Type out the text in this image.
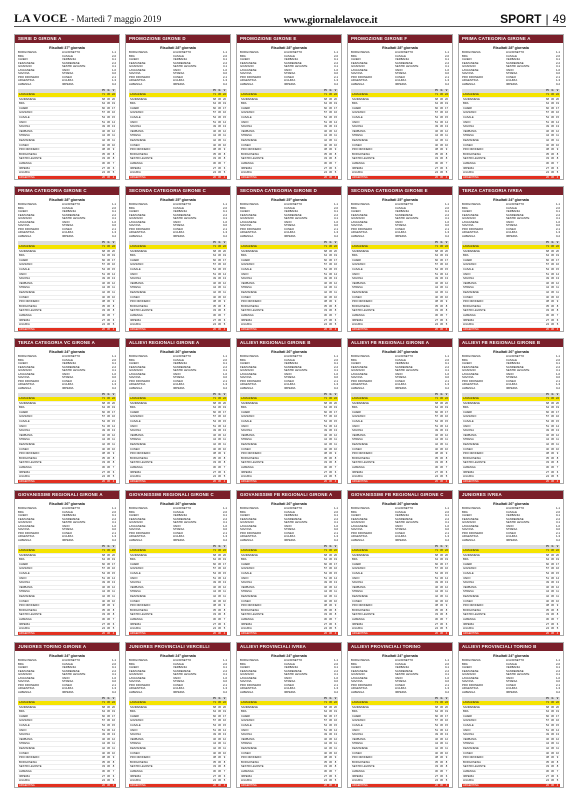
LA VOCE - Martedì 7 maggio 2019	www.giornalelavoce.it	SPORT | 49
SERIE D GIRONE A
Risultati 37ª giornata
BORGOSESIA	LIGORNETTO	1-1
BRA	CASALE	2-0
CHIERI	VERBANIA	0-1
FEZZANESE	SANREMESE	2-2
GOZZANO	SESTRI LEVANTE	3-1
LAVAGNESE	VADO	1-0
SAVONA	STRESA	0-0
PRO DRONERO	CUNEO	2-1
ARGENTINA	LIGURIA	1-3
ALBENGA	IMPERIA	0-2
Pt	G	V
LAVAGNESE	71 36 22
SANREMESE	68 36 20
BRA	64 36 19
CHIERI	60 36 17
GOZZANO	57 36 16
CASALE	54 36 15
VADO	51 36 14
SAVONA	49 36 13
VERBANIA	46 36 12
STRESA	44 36 11
FEZZANESE	42 36 11
CUNEO	40 36 10
PRO DRONERO	38 36	9
BORGOSESIA	35 36	8
SESTRI LEVANTE	33 36	8
ALBENGA	30 36	7
IMPERIA	27 36	6
LIGURIA	24 36	5
ARGENTINA	20 36	4
PROMOZIONE GIRONE D
Risultati 28ª giornata
BORGOSESIA	LIGORNETTO	1-1
BRA	CASALE	2-0
CHIERI	VERBANIA	0-1
FEZZANESE	SANREMESE	2-2
GOZZANO	SESTRI LEVANTE	3-1
LAVAGNESE	VADO	1-0
SAVONA	STRESA	0-0
PRO DRONERO	CUNEO	2-1
ARGENTINA	LIGURIA	1-3
ALBENGA	IMPERIA	0-2
Pt	G	V
LAVAGNESE	71 36 22
SANREMESE	68 36 20
BRA	64 36 19
CHIERI	60 36 17
GOZZANO	57 36 16
CASALE	54 36 15
VADO	51 36 14
SAVONA	49 36 13
VERBANIA	46 36 12
STRESA	44 36 11
FEZZANESE	42 36 11
CUNEO	40 36 10
PRO DRONERO	38 36	9
BORGOSESIA	35 36	8
SESTRI LEVANTE	33 36	8
ALBENGA	30 36	7
IMPERIA	27 36	6
LIGURIA	24 36	5
ARGENTINA	20 36	4
PROMOZIONE GIRONE E
Risultati 28ª giornata
BORGOSESIA	LIGORNETTO	1-1
BRA	CASALE	2-0
CHIERI	VERBANIA	0-1
FEZZANESE	SANREMESE	2-2
GOZZANO	SESTRI LEVANTE	3-1
LAVAGNESE	VADO	1-0
SAVONA	STRESA	0-0
PRO DRONERO	CUNEO	2-1
ARGENTINA	LIGURIA	1-3
ALBENGA	IMPERIA	0-2
Pt	G	V
LAVAGNESE	71 36 22
SANREMESE	68 36 20
BRA	64 36 19
CHIERI	60 36 17
GOZZANO	57 36 16
CASALE	54 36 15
VADO	51 36 14
SAVONA	49 36 13
VERBANIA	46 36 12
STRESA	44 36 11
FEZZANESE	42 36 11
CUNEO	40 36 10
PRO DRONERO	38 36	9
BORGOSESIA	35 36	8
SESTRI LEVANTE	33 36	8
ALBENGA	30 36	7
IMPERIA	27 36	6
LIGURIA	24 36	5
ARGENTINA	20 36	4
PROMOZIONE GIRONE F
Risultati 28ª giornata
BORGOSESIA	LIGORNETTO	1-1
BRA	CASALE	2-0
CHIERI	VERBANIA	0-1
FEZZANESE	SANREMESE	2-2
GOZZANO	SESTRI LEVANTE	3-1
LAVAGNESE	VADO	1-0
SAVONA	STRESA	0-0
PRO DRONERO	CUNEO	2-1
ARGENTINA	LIGURIA	1-3
ALBENGA	IMPERIA	0-2
Pt	G	V
LAVAGNESE	71 36 22
SANREMESE	68 36 20
BRA	64 36 19
CHIERI	60 36 17
GOZZANO	57 36 16
CASALE	54 36 15
VADO	51 36 14
SAVONA	49 36 13
VERBANIA	46 36 12
STRESA	44 36 11
FEZZANESE	42 36 11
CUNEO	40 36 10
PRO DRONERO	38 36	9
BORGOSESIA	35 36	8
SESTRI LEVANTE	33 36	8
ALBENGA	30 36	7
IMPERIA	27 36	6
LIGURIA	24 36	5
ARGENTINA	20 36	4
PRIMA CATEGORIA GIRONE A
Risultati 28ª giornata
BORGOSESIA	LIGORNETTO	1-1
BRA	CASALE	2-0
CHIERI	VERBANIA	0-1
FEZZANESE	SANREMESE	2-2
GOZZANO	SESTRI LEVANTE	3-1
LAVAGNESE	VADO	1-0
SAVONA	STRESA	0-0
PRO DRONERO	CUNEO	2-1
ARGENTINA	LIGURIA	1-3
ALBENGA	IMPERIA	0-2
Pt	G	V
LAVAGNESE	71 36 22
SANREMESE	68 36 20
BRA	64 36 19
CHIERI	60 36 17
GOZZANO	57 36 16
CASALE	54 36 15
VADO	51 36 14
SAVONA	49 36 13
VERBANIA	46 36 12
STRESA	44 36 11
FEZZANESE	42 36 11
CUNEO	40 36 10
PRO DRONERO	38 36	9
BORGOSESIA	35 36	8
SESTRI LEVANTE	33 36	8
ALBENGA	30 36	7
IMPERIA	27 36	6
LIGURIA	24 36	5
ARGENTINA	20 36	4
PRIMA CATEGORIA GIRONE C
Risultati 28ª giornata
BORGOSESIA	LIGORNETTO	1-1
BRA	CASALE	2-0
CHIERI	VERBANIA	0-1
FEZZANESE	SANREMESE	2-2
GOZZANO	SESTRI LEVANTE	3-1
LAVAGNESE	VADO	1-0
SAVONA	STRESA	0-0
PRO DRONERO	CUNEO	2-1
ARGENTINA	LIGURIA	1-3
ALBENGA	IMPERIA	0-2
Pt	G	V
LAVAGNESE	71 36 22
SANREMESE	68 36 20
BRA	64 36 19
CHIERI	60 36 17
GOZZANO	57 36 16
CASALE	54 36 15
VADO	51 36 14
SAVONA	49 36 13
VERBANIA	46 36 12
STRESA	44 36 11
FEZZANESE	42 36 11
CUNEO	40 36 10
PRO DRONERO	38 36	9
BORGOSESIA	35 36	8
SESTRI LEVANTE	33 36	8
ALBENGA	30 36	7
IMPERIA	27 36	6
LIGURIA	24 36	5
ARGENTINA	20 36	4
SECONDA CATEGORIA GIRONE C
Risultati 25ª giornata
BORGOSESIA	LIGORNETTO	1-1
BRA	CASALE	2-0
CHIERI	VERBANIA	0-1
FEZZANESE	SANREMESE	2-2
GOZZANO	SESTRI LEVANTE	3-1
LAVAGNESE	VADO	1-0
SAVONA	STRESA	0-0
PRO DRONERO	CUNEO	2-1
ARGENTINA	LIGURIA	1-3
ALBENGA	IMPERIA	0-2
Pt	G	V
LAVAGNESE	71 36 22
SANREMESE	68 36 20
BRA	64 36 19
CHIERI	60 36 17
GOZZANO	57 36 16
CASALE	54 36 15
VADO	51 36 14
SAVONA	49 36 13
VERBANIA	46 36 12
STRESA	44 36 11
FEZZANESE	42 36 11
CUNEO	40 36 10
PRO DRONERO	38 36	9
BORGOSESIA	35 36	8
SESTRI LEVANTE	33 36	8
ALBENGA	30 36	7
IMPERIA	27 36	6
LIGURIA	24 36	5
ARGENTINA	20 36	4
SECONDA CATEGORIA GIRONE D
Risultati 25ª giornata
BORGOSESIA	LIGORNETTO	1-1
BRA	CASALE	2-0
CHIERI	VERBANIA	0-1
FEZZANESE	SANREMESE	2-2
GOZZANO	SESTRI LEVANTE	3-1
LAVAGNESE	VADO	1-0
SAVONA	STRESA	0-0
PRO DRONERO	CUNEO	2-1
ARGENTINA	LIGURIA	1-3
ALBENGA	IMPERIA	0-2
Pt	G	V
LAVAGNESE	71 36 22
SANREMESE	68 36 20
BRA	64 36 19
CHIERI	60 36 17
GOZZANO	57 36 16
CASALE	54 36 15
VADO	51 36 14
SAVONA	49 36 13
VERBANIA	46 36 12
STRESA	44 36 11
FEZZANESE	42 36 11
CUNEO	40 36 10
PRO DRONERO	38 36	9
BORGOSESIA	35 36	8
SESTRI LEVANTE	33 36	8
ALBENGA	30 36	7
IMPERIA	27 36	6
LIGURIA	24 36	5
ARGENTINA	20 36	4
SECONDA CATEGORIA GIRONE E
Risultati 25ª giornata
BORGOSESIA	LIGORNETTO	1-1
BRA	CASALE	2-0
CHIERI	VERBANIA	0-1
FEZZANESE	SANREMESE	2-2
GOZZANO	SESTRI LEVANTE	3-1
LAVAGNESE	VADO	1-0
SAVONA	STRESA	0-0
PRO DRONERO	CUNEO	2-1
ARGENTINA	LIGURIA	1-3
ALBENGA	IMPERIA	0-2
Pt	G	V
LAVAGNESE	71 36 22
SANREMESE	68 36 20
BRA	64 36 19
CHIERI	60 36 17
GOZZANO	57 36 16
CASALE	54 36 15
VADO	51 36 14
SAVONA	49 36 13
VERBANIA	46 36 12
STRESA	44 36 11
FEZZANESE	42 36 11
CUNEO	40 36 10
PRO DRONERO	38 36	9
BORGOSESIA	35 36	8
SESTRI LEVANTE	33 36	8
ALBENGA	30 36	7
IMPERIA	27 36	6
LIGURIA	24 36	5
ARGENTINA	20 36	4
TERZA CATEGORIA IVREA
Risultati 24ª giornata
BORGOSESIA	LIGORNETTO	1-1
BRA	CASALE	2-0
CHIERI	VERBANIA	0-1
FEZZANESE	SANREMESE	2-2
GOZZANO	SESTRI LEVANTE	3-1
LAVAGNESE	VADO	1-0
SAVONA	STRESA	0-0
PRO DRONERO	CUNEO	2-1
ARGENTINA	LIGURIA	1-3
ALBENGA	IMPERIA	0-2
Pt	G	V
LAVAGNESE	71 36 22
SANREMESE	68 36 20
BRA	64 36 19
CHIERI	60 36 17
GOZZANO	57 36 16
CASALE	54 36 15
VADO	51 36 14
SAVONA	49 36 13
VERBANIA	46 36 12
STRESA	44 36 11
FEZZANESE	42 36 11
CUNEO	40 36 10
PRO DRONERO	38 36	9
BORGOSESIA	35 36	8
SESTRI LEVANTE	33 36	8
ALBENGA	30 36	7
IMPERIA	27 36	6
LIGURIA	24 36	5
ARGENTINA	20 36	4
TERZA CATEGORIA VC GIRONE A
Risultati 24ª giornata
BORGOSESIA	LIGORNETTO	1-1
BRA	CASALE	2-0
CHIERI	VERBANIA	0-1
FEZZANESE	SANREMESE	2-2
GOZZANO	SESTRI LEVANTE	3-1
LAVAGNESE	VADO	1-0
SAVONA	STRESA	0-0
PRO DRONERO	CUNEO	2-1
ARGENTINA	LIGURIA	1-3
ALBENGA	IMPERIA	0-2
Pt	G	V
LAVAGNESE	71 36 22
SANREMESE	68 36 20
BRA	64 36 19
CHIERI	60 36 17
GOZZANO	57 36 16
CASALE	54 36 15
VADO	51 36 14
SAVONA	49 36 13
VERBANIA	46 36 12
STRESA	44 36 11
FEZZANESE	42 36 11
CUNEO	40 36 10
PRO DRONERO	38 36	9
BORGOSESIA	35 36	8
SESTRI LEVANTE	33 36	8
ALBENGA	30 36	7
IMPERIA	27 36	6
LIGURIA	24 36	5
ARGENTINA	20 36	4
ALLIEVI REGIONALI GIRONE A
Risultati 26ª giornata
BORGOSESIA	LIGORNETTO	1-1
BRA	CASALE	2-0
CHIERI	VERBANIA	0-1
FEZZANESE	SANREMESE	2-2
GOZZANO	SESTRI LEVANTE	3-1
LAVAGNESE	VADO	1-0
SAVONA	STRESA	0-0
PRO DRONERO	CUNEO	2-1
ARGENTINA	LIGURIA	1-3
ALBENGA	IMPERIA	0-2
Pt	G	V
LAVAGNESE	71 36 22
SANREMESE	68 36 20
BRA	64 36 19
CHIERI	60 36 17
GOZZANO	57 36 16
CASALE	54 36 15
VADO	51 36 14
SAVONA	49 36 13
VERBANIA	46 36 12
STRESA	44 36 11
FEZZANESE	42 36 11
CUNEO	40 36 10
PRO DRONERO	38 36	9
BORGOSESIA	35 36	8
SESTRI LEVANTE	33 36	8
ALBENGA	30 36	7
IMPERIA	27 36	6
LIGURIA	24 36	5
ARGENTINA	20 36	4
ALLIEVI REGIONALI GIRONE B
Risultati 26ª giornata
BORGOSESIA	LIGORNETTO	1-1
BRA	CASALE	2-0
CHIERI	VERBANIA	0-1
FEZZANESE	SANREMESE	2-2
GOZZANO	SESTRI LEVANTE	3-1
LAVAGNESE	VADO	1-0
SAVONA	STRESA	0-0
PRO DRONERO	CUNEO	2-1
ARGENTINA	LIGURIA	1-3
ALBENGA	IMPERIA	0-2
Pt	G	V
LAVAGNESE	71 36 22
SANREMESE	68 36 20
BRA	64 36 19
CHIERI	60 36 17
GOZZANO	57 36 16
CASALE	54 36 15
VADO	51 36 14
SAVONA	49 36 13
VERBANIA	46 36 12
STRESA	44 36 11
FEZZANESE	42 36 11
CUNEO	40 36 10
PRO DRONERO	38 36	9
BORGOSESIA	35 36	8
SESTRI LEVANTE	33 36	8
ALBENGA	30 36	7
IMPERIA	27 36	6
LIGURIA	24 36	5
ARGENTINA	20 36	4
ALLIEVI FB REGIONALI GIRONE A
Risultati 26ª giornata
BORGOSESIA	LIGORNETTO	1-1
BRA	CASALE	2-0
CHIERI	VERBANIA	0-1
FEZZANESE	SANREMESE	2-2
GOZZANO	SESTRI LEVANTE	3-1
LAVAGNESE	VADO	1-0
SAVONA	STRESA	0-0
PRO DRONERO	CUNEO	2-1
ARGENTINA	LIGURIA	1-3
ALBENGA	IMPERIA	0-2
Pt	G	V
LAVAGNESE	71 36 22
SANREMESE	68 36 20
BRA	64 36 19
CHIERI	60 36 17
GOZZANO	57 36 16
CASALE	54 36 15
VADO	51 36 14
SAVONA	49 36 13
VERBANIA	46 36 12
STRESA	44 36 11
FEZZANESE	42 36 11
CUNEO	40 36 10
PRO DRONERO	38 36	9
BORGOSESIA	35 36	8
SESTRI LEVANTE	33 36	8
ALBENGA	30 36	7
IMPERIA	27 36	6
LIGURIA	24 36	5
ARGENTINA	20 36	4
ALLIEVI FB REGIONALI GIRONE B
Risultati 26ª giornata
BORGOSESIA	LIGORNETTO	1-1
BRA	CASALE	2-0
CHIERI	VERBANIA	0-1
FEZZANESE	SANREMESE	2-2
GOZZANO	SESTRI LEVANTE	3-1
LAVAGNESE	VADO	1-0
SAVONA	STRESA	0-0
PRO DRONERO	CUNEO	2-1
ARGENTINA	LIGURIA	1-3
ALBENGA	IMPERIA	0-2
Pt	G	V
LAVAGNESE	71 36 22
SANREMESE	68 36 20
BRA	64 36 19
CHIERI	60 36 17
GOZZANO	57 36 16
CASALE	54 36 15
VADO	51 36 14
SAVONA	49 36 13
VERBANIA	46 36 12
STRESA	44 36 11
FEZZANESE	42 36 11
CUNEO	40 36 10
PRO DRONERO	38 36	9
BORGOSESIA	35 36	8
SESTRI LEVANTE	33 36	8
ALBENGA	30 36	7
IMPERIA	27 36	6
LIGURIA	24 36	5
ARGENTINA	20 36	4
GIOVANISSIMI REGIONALI GIRONE A
Risultati 26ª giornata
BORGOSESIA	LIGORNETTO	1-1
BRA	CASALE	2-0
CHIERI	VERBANIA	0-1
FEZZANESE	SANREMESE	2-2
GOZZANO	SESTRI LEVANTE	3-1
LAVAGNESE	VADO	1-0
SAVONA	STRESA	0-0
PRO DRONERO	CUNEO	2-1
ARGENTINA	LIGURIA	1-3
ALBENGA	IMPERIA	0-2
Pt	G	V
LAVAGNESE	71 36 22
SANREMESE	68 36 20
BRA	64 36 19
CHIERI	60 36 17
GOZZANO	57 36 16
CASALE	54 36 15
VADO	51 36 14
SAVONA	49 36 13
VERBANIA	46 36 12
STRESA	44 36 11
FEZZANESE	42 36 11
CUNEO	40 36 10
PRO DRONERO	38 36	9
BORGOSESIA	35 36	8
SESTRI LEVANTE	33 36	8
ALBENGA	30 36	7
IMPERIA	27 36	6
LIGURIA	24 36	5
ARGENTINA	20 36	4
GIOVANISSIMI REGIONALI GIRONE C
Risultati 26ª giornata
BORGOSESIA	LIGORNETTO	1-1
BRA	CASALE	2-0
CHIERI	VERBANIA	0-1
FEZZANESE	SANREMESE	2-2
GOZZANO	SESTRI LEVANTE	3-1
LAVAGNESE	VADO	1-0
SAVONA	STRESA	0-0
PRO DRONERO	CUNEO	2-1
ARGENTINA	LIGURIA	1-3
ALBENGA	IMPERIA	0-2
Pt	G	V
LAVAGNESE	71 36 22
SANREMESE	68 36 20
BRA	64 36 19
CHIERI	60 36 17
GOZZANO	57 36 16
CASALE	54 36 15
VADO	51 36 14
SAVONA	49 36 13
VERBANIA	46 36 12
STRESA	44 36 11
FEZZANESE	42 36 11
CUNEO	40 36 10
PRO DRONERO	38 36	9
BORGOSESIA	35 36	8
SESTRI LEVANTE	33 36	8
ALBENGA	30 36	7
IMPERIA	27 36	6
LIGURIA	24 36	5
ARGENTINA	20 36	4
GIOVANISSIMI FB REGIONALI GIRONE A
Risultati 26ª giornata
BORGOSESIA	LIGORNETTO	1-1
BRA	CASALE	2-0
CHIERI	VERBANIA	0-1
FEZZANESE	SANREMESE	2-2
GOZZANO	SESTRI LEVANTE	3-1
LAVAGNESE	VADO	1-0
SAVONA	STRESA	0-0
PRO DRONERO	CUNEO	2-1
ARGENTINA	LIGURIA	1-3
ALBENGA	IMPERIA	0-2
Pt	G	V
LAVAGNESE	71 36 22
SANREMESE	68 36 20
BRA	64 36 19
CHIERI	60 36 17
GOZZANO	57 36 16
CASALE	54 36 15
VADO	51 36 14
SAVONA	49 36 13
VERBANIA	46 36 12
STRESA	44 36 11
FEZZANESE	42 36 11
CUNEO	40 36 10
PRO DRONERO	38 36	9
BORGOSESIA	35 36	8
SESTRI LEVANTE	33 36	8
ALBENGA	30 36	7
IMPERIA	27 36	6
LIGURIA	24 36	5
ARGENTINA	20 36	4
GIOVANISSIMI FB REGIONALI GIRONE C
Risultati 26ª giornata
BORGOSESIA	LIGORNETTO	1-1
BRA	CASALE	2-0
CHIERI	VERBANIA	0-1
FEZZANESE	SANREMESE	2-2
GOZZANO	SESTRI LEVANTE	3-1
LAVAGNESE	VADO	1-0
SAVONA	STRESA	0-0
PRO DRONERO	CUNEO	2-1
ARGENTINA	LIGURIA	1-3
ALBENGA	IMPERIA	0-2
Pt	G	V
LAVAGNESE	71 36 22
SANREMESE	68 36 20
BRA	64 36 19
CHIERI	60 36 17
GOZZANO	57 36 16
CASALE	54 36 15
VADO	51 36 14
SAVONA	49 36 13
VERBANIA	46 36 12
STRESA	44 36 11
FEZZANESE	42 36 11
CUNEO	40 36 10
PRO DRONERO	38 36	9
BORGOSESIA	35 36	8
SESTRI LEVANTE	33 36	8
ALBENGA	30 36	7
IMPERIA	27 36	6
LIGURIA	24 36	5
ARGENTINA	20 36	4
JUNIORES IVREA
Risultati 26ª giornata
BORGOSESIA	LIGORNETTO	1-1
BRA	CASALE	2-0
CHIERI	VERBANIA	0-1
FEZZANESE	SANREMESE	2-2
GOZZANO	SESTRI LEVANTE	3-1
LAVAGNESE	VADO	1-0
SAVONA	STRESA	0-0
PRO DRONERO	CUNEO	2-1
ARGENTINA	LIGURIA	1-3
ALBENGA	IMPERIA	0-2
Pt	G	V
LAVAGNESE	71 36 22
SANREMESE	68 36 20
BRA	64 36 19
CHIERI	60 36 17
GOZZANO	57 36 16
CASALE	54 36 15
VADO	51 36 14
SAVONA	49 36 13
VERBANIA	46 36 12
STRESA	44 36 11
FEZZANESE	42 36 11
CUNEO	40 36 10
PRO DRONERO	38 36	9
BORGOSESIA	35 36	8
SESTRI LEVANTE	33 36	8
ALBENGA	30 36	7
IMPERIA	27 36	6
LIGURIA	24 36	5
ARGENTINA	20 36	4
JUNIORES TORINO GIRONE A
Risultati 24ª giornata
BORGOSESIA	LIGORNETTO	1-1
BRA	CASALE	2-0
CHIERI	VERBANIA	0-1
FEZZANESE	SANREMESE	2-2
GOZZANO	SESTRI LEVANTE	3-1
LAVAGNESE	VADO	1-0
SAVONA	STRESA	0-0
PRO DRONERO	CUNEO	2-1
ARGENTINA	LIGURIA	1-3
ALBENGA	IMPERIA	0-2
Pt	G	V
LAVAGNESE	71 36 22
SANREMESE	68 36 20
BRA	64 36 19
CHIERI	60 36 17
GOZZANO	57 36 16
CASALE	54 36 15
VADO	51 36 14
SAVONA	49 36 13
VERBANIA	46 36 12
STRESA	44 36 11
FEZZANESE	42 36 11
CUNEO	40 36 10
PRO DRONERO	38 36	9
BORGOSESIA	35 36	8
SESTRI LEVANTE	33 36	8
ALBENGA	30 36	7
IMPERIA	27 36	6
LIGURIA	24 36	5
ARGENTINA	20 36	4
JUNIORES PROVINCIALI VERCELLI
Risultati 24ª giornata
BORGOSESIA	LIGORNETTO	1-1
BRA	CASALE	2-0
CHIERI	VERBANIA	0-1
FEZZANESE	SANREMESE	2-2
GOZZANO	SESTRI LEVANTE	3-1
LAVAGNESE	VADO	1-0
SAVONA	STRESA	0-0
PRO DRONERO	CUNEO	2-1
ARGENTINA	LIGURIA	1-3
ALBENGA	IMPERIA	0-2
Pt	G	V
LAVAGNESE	71 36 22
SANREMESE	68 36 20
BRA	64 36 19
CHIERI	60 36 17
GOZZANO	57 36 16
CASALE	54 36 15
VADO	51 36 14
SAVONA	49 36 13
VERBANIA	46 36 12
STRESA	44 36 11
FEZZANESE	42 36 11
CUNEO	40 36 10
PRO DRONERO	38 36	9
BORGOSESIA	35 36	8
SESTRI LEVANTE	33 36	8
ALBENGA	30 36	7
IMPERIA	27 36	6
LIGURIA	24 36	5
ARGENTINA	20 36	4
ALLIEVI PROVINCIALI IVREA
Risultati 24ª giornata
BORGOSESIA	LIGORNETTO	1-1
BRA	CASALE	2-0
CHIERI	VERBANIA	0-1
FEZZANESE	SANREMESE	2-2
GOZZANO	SESTRI LEVANTE	3-1
LAVAGNESE	VADO	1-0
SAVONA	STRESA	0-0
PRO DRONERO	CUNEO	2-1
ARGENTINA	LIGURIA	1-3
ALBENGA	IMPERIA	0-2
Pt	G	V
LAVAGNESE	71 36 22
SANREMESE	68 36 20
BRA	64 36 19
CHIERI	60 36 17
GOZZANO	57 36 16
CASALE	54 36 15
VADO	51 36 14
SAVONA	49 36 13
VERBANIA	46 36 12
STRESA	44 36 11
FEZZANESE	42 36 11
CUNEO	40 36 10
PRO DRONERO	38 36	9
BORGOSESIA	35 36	8
SESTRI LEVANTE	33 36	8
ALBENGA	30 36	7
IMPERIA	27 36	6
LIGURIA	24 36	5
ARGENTINA	20 36	4
ALLIEVI PROVINCIALI TORINO
Risultati 24ª giornata
BORGOSESIA	LIGORNETTO	1-1
BRA	CASALE	2-0
CHIERI	VERBANIA	0-1
FEZZANESE	SANREMESE	2-2
GOZZANO	SESTRI LEVANTE	3-1
LAVAGNESE	VADO	1-0
SAVONA	STRESA	0-0
PRO DRONERO	CUNEO	2-1
ARGENTINA	LIGURIA	1-3
ALBENGA	IMPERIA	0-2
Pt	G	V
LAVAGNESE	71 36 22
SANREMESE	68 36 20
BRA	64 36 19
CHIERI	60 36 17
GOZZANO	57 36 16
CASALE	54 36 15
VADO	51 36 14
SAVONA	49 36 13
VERBANIA	46 36 12
STRESA	44 36 11
FEZZANESE	42 36 11
CUNEO	40 36 10
PRO DRONERO	38 36	9
BORGOSESIA	35 36	8
SESTRI LEVANTE	33 36	8
ALBENGA	30 36	7
IMPERIA	27 36	6
LIGURIA	24 36	5
ARGENTINA	20 36	4
ALLIEVI PROVINCIALI TORINO B
Risultati 24ª giornata
BORGOSESIA	LIGORNETTO	1-1
BRA	CASALE	2-0
CHIERI	VERBANIA	0-1
FEZZANESE	SANREMESE	2-2
GOZZANO	SESTRI LEVANTE	3-1
LAVAGNESE	VADO	1-0
SAVONA	STRESA	0-0
PRO DRONERO	CUNEO	2-1
ARGENTINA	LIGURIA	1-3
ALBENGA	IMPERIA	0-2
Pt	G	V
LAVAGNESE	71 36 22
SANREMESE	68 36 20
BRA	64 36 19
CHIERI	60 36 17
GOZZANO	57 36 16
CASALE	54 36 15
VADO	51 36 14
SAVONA	49 36 13
VERBANIA	46 36 12
STRESA	44 36 11
FEZZANESE	42 36 11
CUNEO	40 36 10
PRO DRONERO	38 36	9
BORGOSESIA	35 36	8
SESTRI LEVANTE	33 36	8
ALBENGA	30 36	7
IMPERIA	27 36	6
LIGURIA	24 36	5
ARGENTINA	20 36	4
